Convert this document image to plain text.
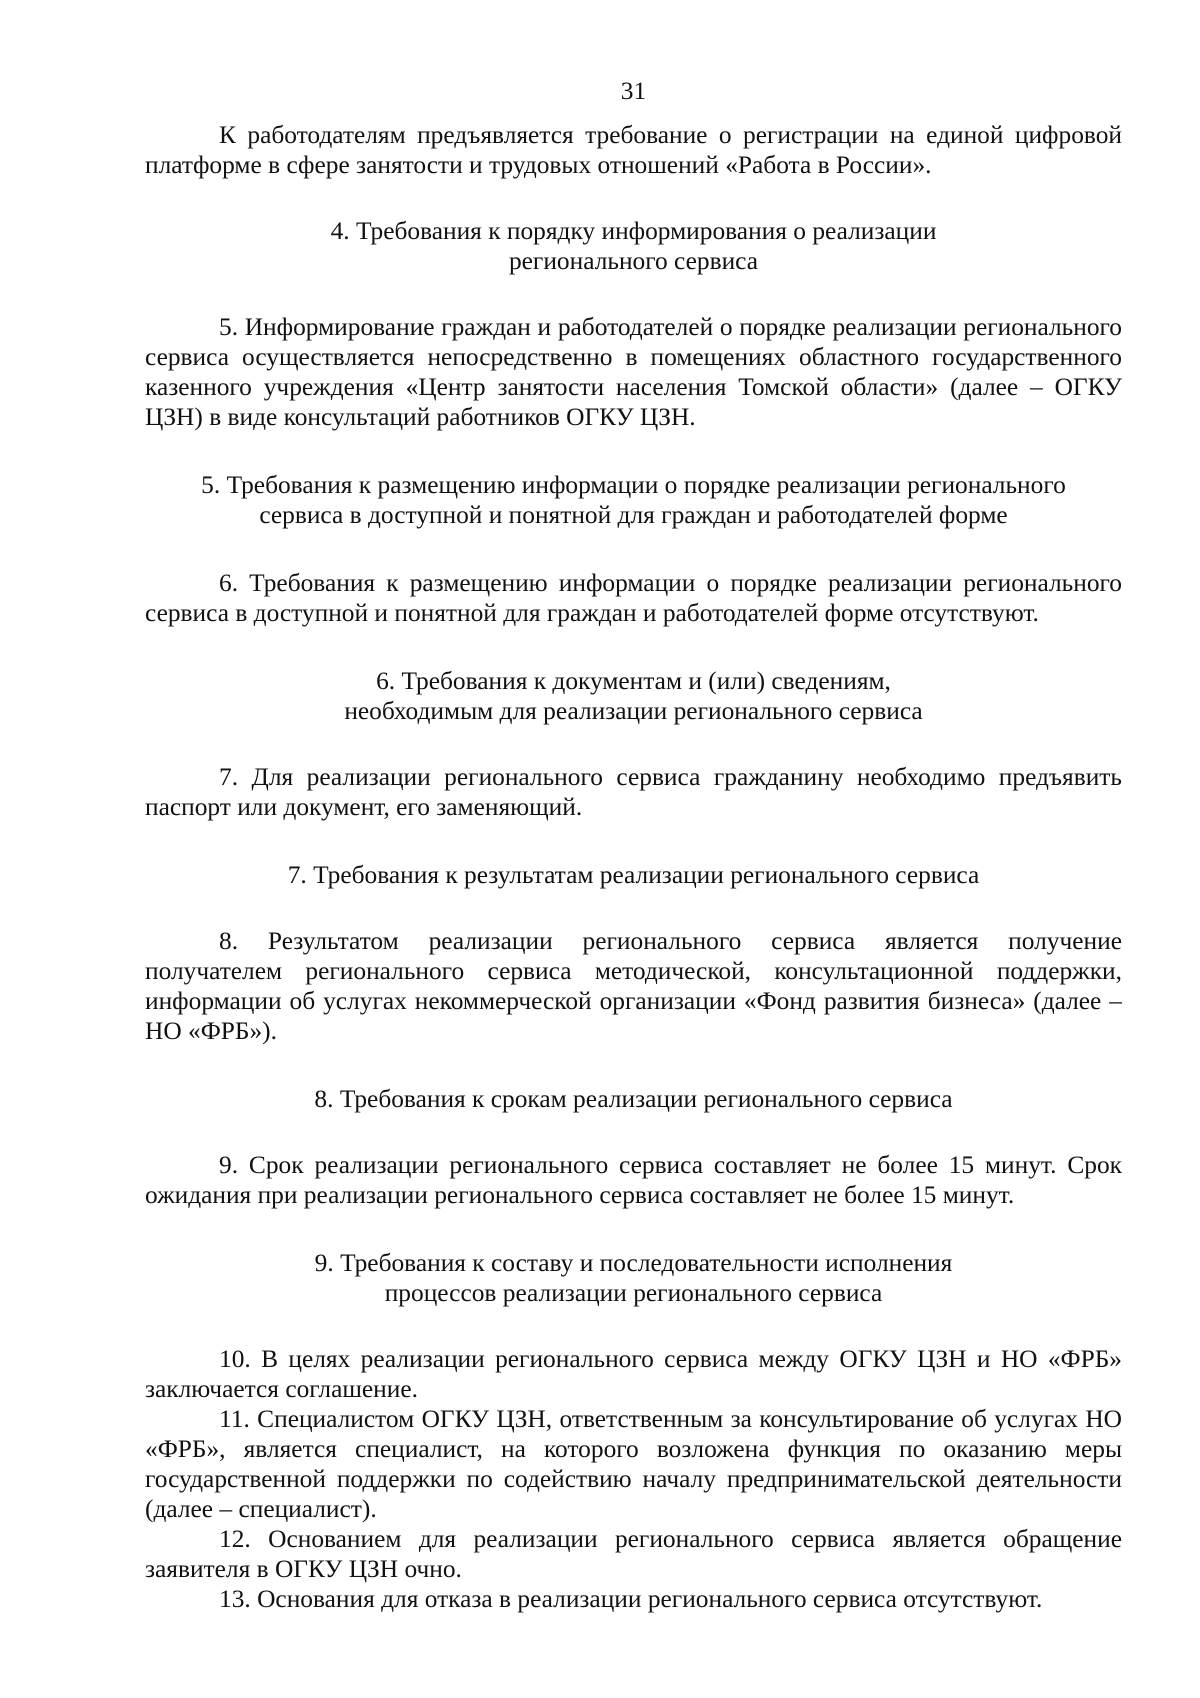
31

К работодателям предъявляется требование о регистрации на единой цифровой платформе в сфере занятости и трудовых отношений «Работа в России».

4. Требования к порядку информирования о реализации
регионального сервиса

5. Информирование граждан и работодателей о порядке реализации регионального сервиса осуществляется непосредственно в помещениях областного государственного казенного учреждения «Центр занятости населения Томской области» (далее – ОГКУ ЦЗН) в виде консультаций работников ОГКУ ЦЗН.

5. Требования к размещению информации о порядке реализации регионального
сервиса в доступной и понятной для граждан и работодателей форме

6. Требования к размещению информации о порядке реализации регионального сервиса в доступной и понятной для граждан и работодателей форме отсутствуют.

6. Требования к документам и (или) сведениям,
необходимым для реализации регионального сервиса

7. Для реализации регионального сервиса гражданину необходимо предъявить паспорт или документ, его заменяющий.

7. Требования к результатам реализации регионального сервиса

8. Результатом реализации регионального сервиса является получение получателем регионального сервиса методической, консультационной поддержки, информации об услугах некоммерческой организации «Фонд развития бизнеса» (далее – НО «ФРБ»).

8. Требования к срокам реализации регионального сервиса

9. Срок реализации регионального сервиса составляет не более 15 минут. Срок ожидания при реализации регионального сервиса составляет не более 15 минут.

9. Требования к составу и последовательности исполнения
процессов реализации регионального сервиса

10. В целях реализации регионального сервиса между ОГКУ ЦЗН и НО «ФРБ» заключается соглашение.

11. Специалистом ОГКУ ЦЗН, ответственным за консультирование об услугах НО «ФРБ», является специалист, на которого возложена функция по оказанию меры государственной поддержки по содействию началу предпринимательской деятельности (далее – специалист).

12. Основанием для реализации регионального сервиса является обращение заявителя в ОГКУ ЦЗН очно.

13. Основания для отказа в реализации регионального сервиса отсутствуют.
